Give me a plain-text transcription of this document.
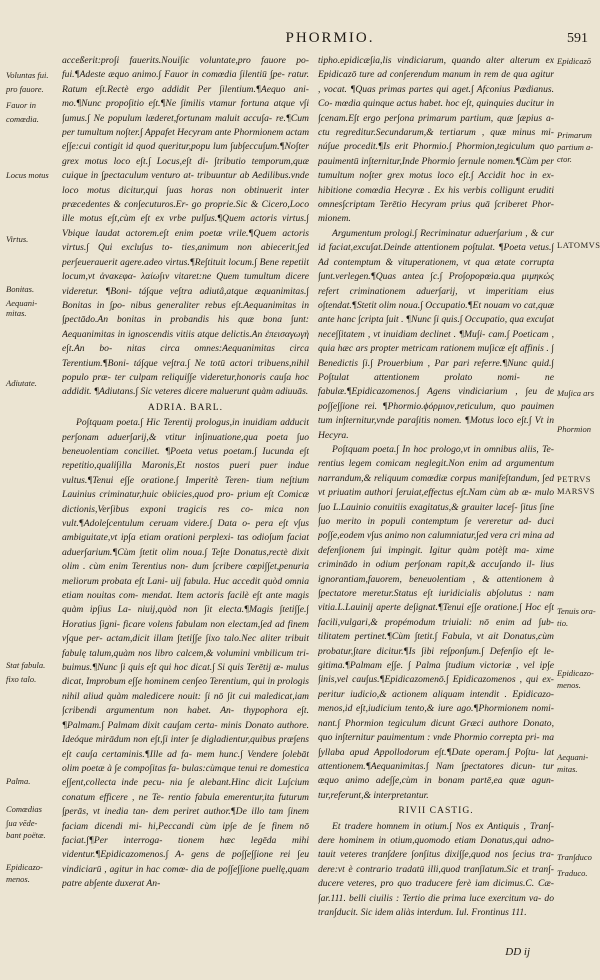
PHORMIO.	591

acceßerit:pro∫i fauerits.Noui∫ic voluntate,pro fauore po- fui.¶Adeste æquo animo.∫ Fauor in comœdia ∫ilentiū ∫pe- ratur. Ratum e∫t.Rectè ergo addidit Per ∫ilentium.¶Aequo ani- mo.¶Nunc propo∫itio e∫t.¶Ne ∫imilis vtamur fortuna atque v∫i ∫umus.∫ Ne populum læderet,fortunam maluit accu∫a- re.¶Cum per tumultum no∫ter.∫ Appafet Hecyram ante Phormionem actam e∫∫e:cui contigit id quod queritur,popu lum ∫ub∫eccu∫um.¶No∫ter grex motus loco e∫t.∫ Locus,e∫t di- ∫tributio temporum,quæ cuique in ∫pectaculum venturo at- tribuuntur ab Aedilibus.vnde loco motus dicitur,qui ∫uas horas non obtinuerit inter præcedentes & con∫ecuturos.Er- go proprie.Sic & Cicero,Loco ille motus e∫t,cùm e∫t ex vrbe pul∫us.¶Quem actoris virtus.∫ Vbique laudat actorem.e∫t enim poetæ vrile.¶Quem actoris virtus.∫ Qui exclu∫us to- ties,animum non abiecerit,∫ed per∫euerauerit agere.adeo virtus.¶Re∫tituit locum.∫ Bene repetiit locum,vt ἀνακεφα- λαίω∫ιν vitaret:ne Quem tumultum dicere videretur. ¶Boni- tá∫que ve∫tra adiutâ,atque æquanimitas.∫ Bonitas in ∫po- nibus generaliter rebus e∫t.Aequanimitas in ∫pectādo.An bonitas in probandis his quæ bona ∫unt: Aequanimitas in ignoscendis vitiis atque delictis.Αn ἐπεισαγωγὴ e∫t.An bo- nitas circa omnes:Aequanimitas circa Terentium.¶Boni- tá∫que ve∫tra.∫ Ne totū actori tribuens,nihil populo præ- ter culpam reliqui∫∫e videretur,honoris cau∫a hoc addidit. ¶Adiutans.∫ Sic veteres dicere maluerunt quàm adiuuās.

ADRIA. BARL.

Po∫tquam poeta.∫ Hic Terentij prologus,in inuidiam adducit per∫onam aduer∫arij,& vtitur in∫inuatione,qua poeta ∫uo beneuolentiam conciliet. ¶Poeta vetus poetam.∫ Iucunda e∫t repetitio,quali∫illa Maronis,Et nostos pueri puer indue vultus.¶Tenui e∫∫e oratione.∫ Imperitè Teren- tium ne∫tium Lauinius criminatur,huic obiicies,quod pro- prium e∫t Comicæ dictionis,Ver∫ibus exponi tragicis res co- mica non vult.¶Adole∫centulum ceruam videre.∫ Data o- pera e∫t v∫us ambiguitate,vt ip∫a etiam orationi perplexi- tas odio∫um faciat aduer∫arium.¶Cùm ∫tetit olim noua.∫ Te∫te Donatus,rectè dixit olim . cùm enim Terentius non- dum ∫cribere cœpi∫∫et,penuria meliorum probata e∫t Lani- uij fabula. Huc accedit quòd omnia etiam nouitas com- mendat. Item actoris facilè e∫t ante magis quàm ip∫ius La- niuij,quòd non ∫it electa.¶Magis ∫teti∫∫e.∫ Horatius ∫igni- ficare volens fabulam non electam,∫ed ad finem v∫que per- actam,dicit illam ∫teti∫∫e ∫ixo talo.Nec aliter tribuit fabulę talum,quàm nos libro calcem,& volumini vmbilicum tri- buimus.¶Nunc ∫i quis e∫t qui hoc dicat.∫ Si quis Terētij æ- mulus dicat, Improbum e∫∫e hominem cen∫eo Terentium, qui in prologis nihil aliud quàm maledicere nouit: ∫i nō ∫it cui maledicat,iam ∫cribendi argumentum non habet. An- thypophora e∫t. ¶Palmam.∫ Palmam dixit cau∫am certa- minis Donato authore. Ideóque mirādum non e∫t,∫i inter ∫e digladientur,quibus præ∫ens e∫t cau∫a certaminis.¶Ille ad fa- mem hunc.∫ Vendere ∫olebāt olim poetæ à ∫e compo∫itas fa- bulas:cùmque tenui re domestica e∫∫ent,collecta inde pecu- nia ∫e alebant.Hinc dicit Lu∫cium conatum efficere , ne Te- rentio fabula emerentur,ita futurum ∫perās, vt inedia tan- dem periret author.¶De illo tam ∫inem faciam dicendi mi- hi,Peccandi cùm ip∫e de ∫e finem nō faciat.∫¶Per interroga- tionem hæc legēda mihi videntur.¶Epidicazomenos.∫ A- gens de po∫∫e∫∫ione rei ∫eu vindiciarū , agitur in hac comœ- dia de po∫∫e∫∫ione puellę,quam patre ab∫ente duxerat An-

tipho.epidicæ∫ia,lis vindiciarum, quando alter alterum ex Epidicazō ture ad con∫erendum manum in rem de qua agitur , vocat. ¶Quas primas partes qui aget.∫ Afconius Pædianus. Co- mœdia quinque actus habet. hoc e∫t, quinquies ducitur in ∫cenam.E∫t ergo per∫ona primarum partium, quæ ∫æpius a- ctu regreditur.Secundarum,& tertiarum , quæ minus mi- nú∫ue procedit.¶Is erit Phormio.∫ Phormion,tegiculum quo pauimentū in∫ternitur,Inde Phormio ∫ernule nomen.¶Cùm per tumultum no∫ter grex motus loco e∫t.∫ Accidit hoc in ex- hibitione comœdia Hecyræ . Ex his verbis colligunt eruditi omnes∫criptam Terētio Hecyram prius quā ∫criberet Phor- mionem.

Argumentum prologi.∫ Recriminatur aduer∫arium , & cur id faciat,excu∫at.Deinde attentionem po∫tulat. ¶Poeta vetus.∫ Ad contemptum & vituperationem, vt qua ætate corrupta ∫unt.verlegen.¶Quas antea ∫c.∫ Pro∫opopœia.qua μιμηκώς refert criminationem aduer∫arij, vt imperitiam eius o∫tendat.¶Stetit olim noua.∫ Occupatio.¶Et nouam vo cat,quæ ante hanc ∫cripta ∫uit . ¶Nunc ∫i quis.∫ Occupatio, qua excu∫at nece∫∫itatem , vt inuidiam declinet . ¶Mu∫i- cam.∫ Poeticam , quia hæc ars propter metricam rationem mu∫icæ e∫t affinis . ∫ Benedictis ∫i.∫ Prouerbium , Par pari referre.¶Nunc quid.∫ Po∫tulat attentionem prolato nomi- ne fabulæ.¶Epidicazomenos.∫ Agens vindiciarium , ∫eu de po∫∫e∫∫ione rei. ¶Phormio.ϕόρμιον,reticulum, quo pauimen tum in∫ternitur,vnde para∫itis nomen. ¶Motus loco e∫t.∫ Vt in Hecyra.

Po∫tquam poeta.∫ In hoc prologo,vt in omnibus aliis, Te- rentius legem comicam neglegit.Non enim ad argumentum narrandum,& reliquum comœdiæ corpus manife∫tandum, ∫ed vt priuatim authori ∫eruiat,effectus e∫t.Nam cùm ab æ- mulo ∫uo L.Lauinio conuitiis exagitatus,& grauiter lace∫- ∫itus ∫ine ∫uo merito in populi contemptum ∫e vereretur ad- duci po∫∫e,eodem v∫us animo non calumniatur,∫ed vera cri mina ad defen∫ionem ∫ui impingit. Igitur quàm potè∫t ma- xime criminādo in odium per∫onam rapit,& accu∫ando il- lius ignorantiam,fauorem, beneuolentiam , & attentionem à ∫pectatore meretur.Status e∫t iuridicialis ab∫olutus : nam vitia.L.Lauinij aperte de∫ignat.¶Tenui e∫∫e oratione.∫ Hoc e∫t facili,vulgari,& propémodum triuiali: nō enim ad ∫ub- tilitatem pertinet.¶Cùm ∫tetit.∫ Fabula, vt ait Donatus,cùm probatur,∫tare dicitur.¶Is ∫ibi re∫pon∫um.∫ Defen∫io e∫t le- gitima.¶Palmam e∫∫e. ∫ Palma ∫tudium victoriæ , vel ip∫e ∫inis,vel cau∫us.¶Epidicazomenō.∫ Epidicazomenos , qui ex- peritur iudicio,& actionem aliquam intendit . Epidicazo- menos,id e∫t,iudicium tento,& iure ago.¶Phormionem nomi- nant.∫ Phormion tegiculum dicunt Græci authore Donato, quo in∫ternitur pauimentum : vnde Phormio correpta pri- ma ∫yllaba apud Appollodorum e∫t.¶Date operam.∫ Po∫tu- lat attentionem.¶Aequanimitas.∫ Nam ∫pectatores dicun- tur æquo animo ade∫∫e,cùm in bonam partē,ea quæ agun- tur,referunt,& interpretantur.

RIVII CASTIG.

Et tradere homnem in otium.∫ Nos ex Antiquis , Tran∫- dere hominem in otium,quomodo etiam Donatus,qui adno- tauit veteres tran∫dere ∫on∫itus dixi∫∫e,quod nos ∫ecius tra- dere:vt è contrario tradatū illi,quod tran∫latum.Sic et tran∫- ducere veteres, pro quo traducere ferè iam dicimus.C. Cæ- ∫ar.111. belli ciuilis : Tertio die prima luce exercitum va- do tran∫ducit. Sic idem aliàs interdum. Iul. Frontinus 111.

Voluntas fui.
pro fauore.
Fauor in
comœdia.
Locus motus
Virtus.
Bonitas.
Aequani-
mitas.
Adiutate.
Stat fabula.
fixo talo.
Palma.
Comœdias
∫ua vēde-
bant poëtæ.
Epidicazo-
menos.
Epidicazō
Primarum
partium a-
ctor.
LATOMVS
Mu∫ica ars
Phormion
PETRVS
MARSVS
Tenuis ora-
tio.
Epidicazo-
menos.
Aequani-
mitas.
Tran∫duco
Traduco.
DD ij
